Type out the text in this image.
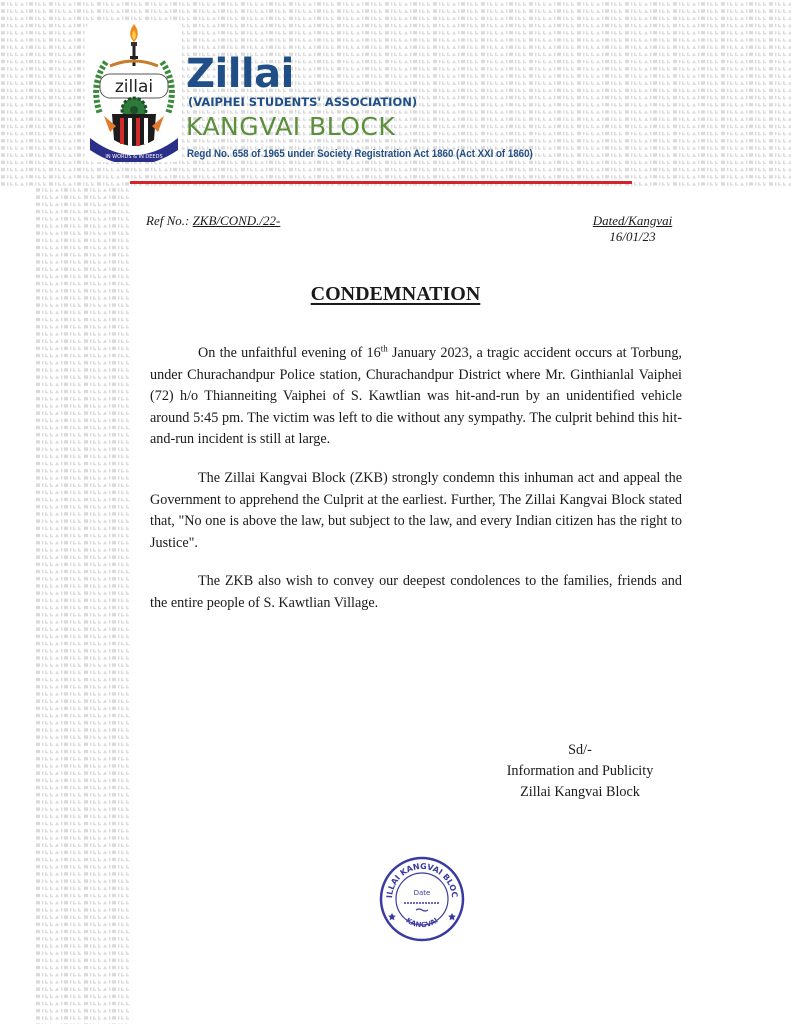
zillai
IN WORDS & IN DEEDS
Zillai
(VAIPHEI STUDENTS' ASSOCIATION)
KANGVAI BLOCK
Regd No. 658 of 1965 under Society Registration Act 1860 (Act XXI of 1860)
Ref No.: ZKB/COND./22-	Dated/Kangvai
16/01/23
CONDEMNATION
On the unfaithful evening of 16th January 2023, a tragic accident occurs at Torbung, under Churachandpur Police station, Churachandpur District where Mr. Ginthianlal Vaiphei (72) h/o Thianneiting Vaiphei of S. Kawtlian was hit-and-run by an unidentified vehicle around 5:45 pm. The victim was left to die without any sympathy. The culprit behind this hit-and-run incident is still at large.
The Zillai Kangvai Block (ZKB) strongly condemn this inhuman act and appeal the Government to apprehend the Culprit at the earliest. Further, The Zillai Kangvai Block stated that, "No one is above the law, but subject to the law, and every Indian citizen has the right to Justice".
The ZKB also wish to convey our deepest condolences to the families, friends and the entire people of S. Kawtlian Village.
Sd/-
Information and Publicity
Zillai Kangvai Block
ILLAI KANGVAI BLOC
KANGVAI
Date
